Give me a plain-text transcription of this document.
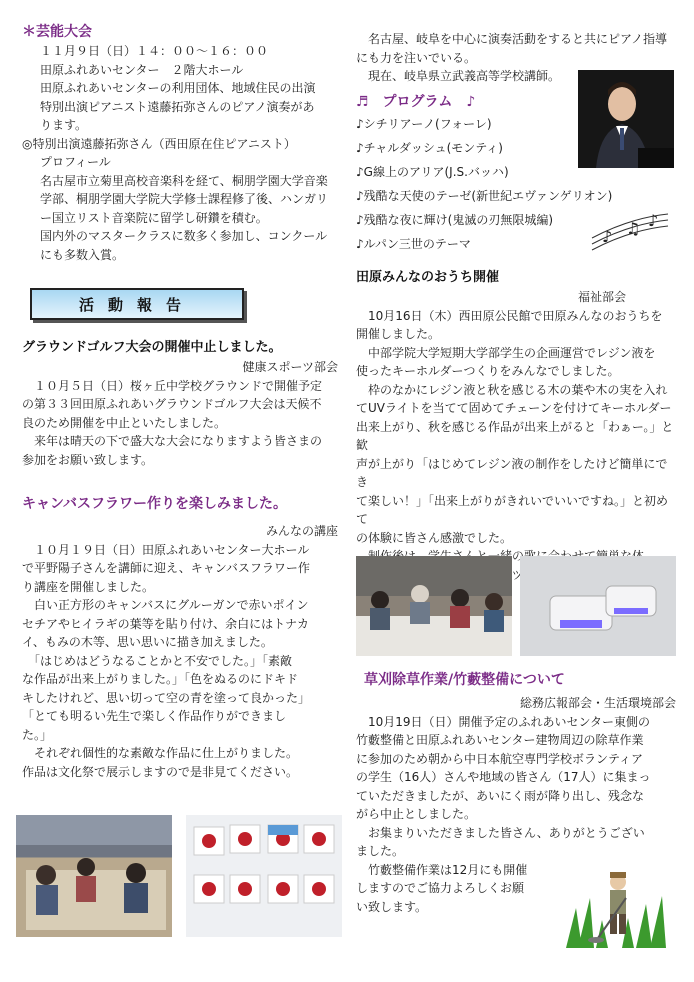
＊芸能大会

１１月９日（日）１４：００〜１６：００

田原ふれあいセンター　２階大ホール

田原ふれあいセンターの利用団体、地域住民の出演

特別出演ピアニスト遠藤拓弥さんのピアノ演奏があ

ります。

◎特別出演遠藤拓弥さん（西田原在住ピアニスト）

プロフィール

名古屋市立菊里高校音楽科を経て、桐朋学園大学音楽

学部、桐朋学園大学院大学修士課程修了後、ハンガリ

ー国立リスト音楽院に留学し研鑽を積む。

国内外のマスタークラスに数多く参加し、コンクール

にも多数入賞。

活動報告

グラウンドゴルフ大会の開催中止しました。

健康スポーツ部会

　１０月５日（日）桜ヶ丘中学校グラウンドで開催予定

の第３３回田原ふれあいグラウンドゴルフ大会は天候不

良のため開催を中止といたしました。

　来年は晴天の下で盛大な大会になりますよう皆さまの

参加をお願い致します。

キャンバスフラワー作りを楽しみました。

みんなの講座

　１０月１９日（日）田原ふれあいセンター大ホール

で平野陽子さんを講師に迎え、キャンバスフラワー作

り講座を開催しました。

　白い正方形のキャンバスにグルーガンで赤いポイン

セチアやヒイラギの葉等を貼り付け、余白にはトナカ

イ、もみの木等、思い思いに描き加えました。

　「はじめはどうなることかと不安でした。」「素敵

な作品が出来上がりました。」「色をぬるのにドキド

キしたけれど、思い切って空の青を塗って良かった」

「とても明るい先生で楽しく作品作りができまし

た。」

　それぞれ個性的な素敵な作品に仕上がりました。

作品は文化祭で展示しますので是非見てください。

　名古屋、岐阜を中心に演奏活動をすると共にピアノ指導

にも力を注いでいる。

　現在、岐阜県立武義高等学校講師。

♬　プログラム　♪

♪シチリアーノ(フォーレ)
♪チャルダッシュ(モンティ)
♪G線上のアリア(J.S.バッハ)
♪残酷な天使のテーゼ(新世紀エヴァンゲリオン)
♪残酷な夜に輝け(鬼滅の刃無限城編)
♪ルパン三世のテーマ	♪ ♫ ♪

田原みんなのおうち開催

福祉部会

　10月16日（木）西田原公民館で田原みんなのおうちを

開催しました。

　中部学院大学短期大学部学生の企画運営でレジン液を

使ったキーホルダーつくりをみんなでしました。

　枠のなかにレジン液と秋を感じる木の葉や木の実を入れ

てUVライトを当てて固めてチェーンを付けてキーホルダー

出来上がり、秋を感じる作品が出来上がると「わぁー。」と歓

声が上がり「はじめてレジン液の制作をしたけど簡単にでき

て楽しい！」「出来上がりがきれいでいいですね。」と初めて

の体験に皆さん感激でした。

草刈除草作業/竹藪整備について

総務広報部会・生活環境部会

　10月19日（日）開催予定のふれあいセンター東側の

竹藪整備と田原ふれあいセンター建物周辺の除草作業

に参加のため朝から中日本航空専門学校ボランティア

の学生（16人）さんや地域の皆さん（17人）に集まっ

ていただきましたが、あいにく雨が降り出し、残念な

がら中止としました。

　お集まりいただきました皆さん、ありがとうござい

ました。

　竹藪整備作業は12月にも開催

しますのでご協力よろしくお願

い致します。
